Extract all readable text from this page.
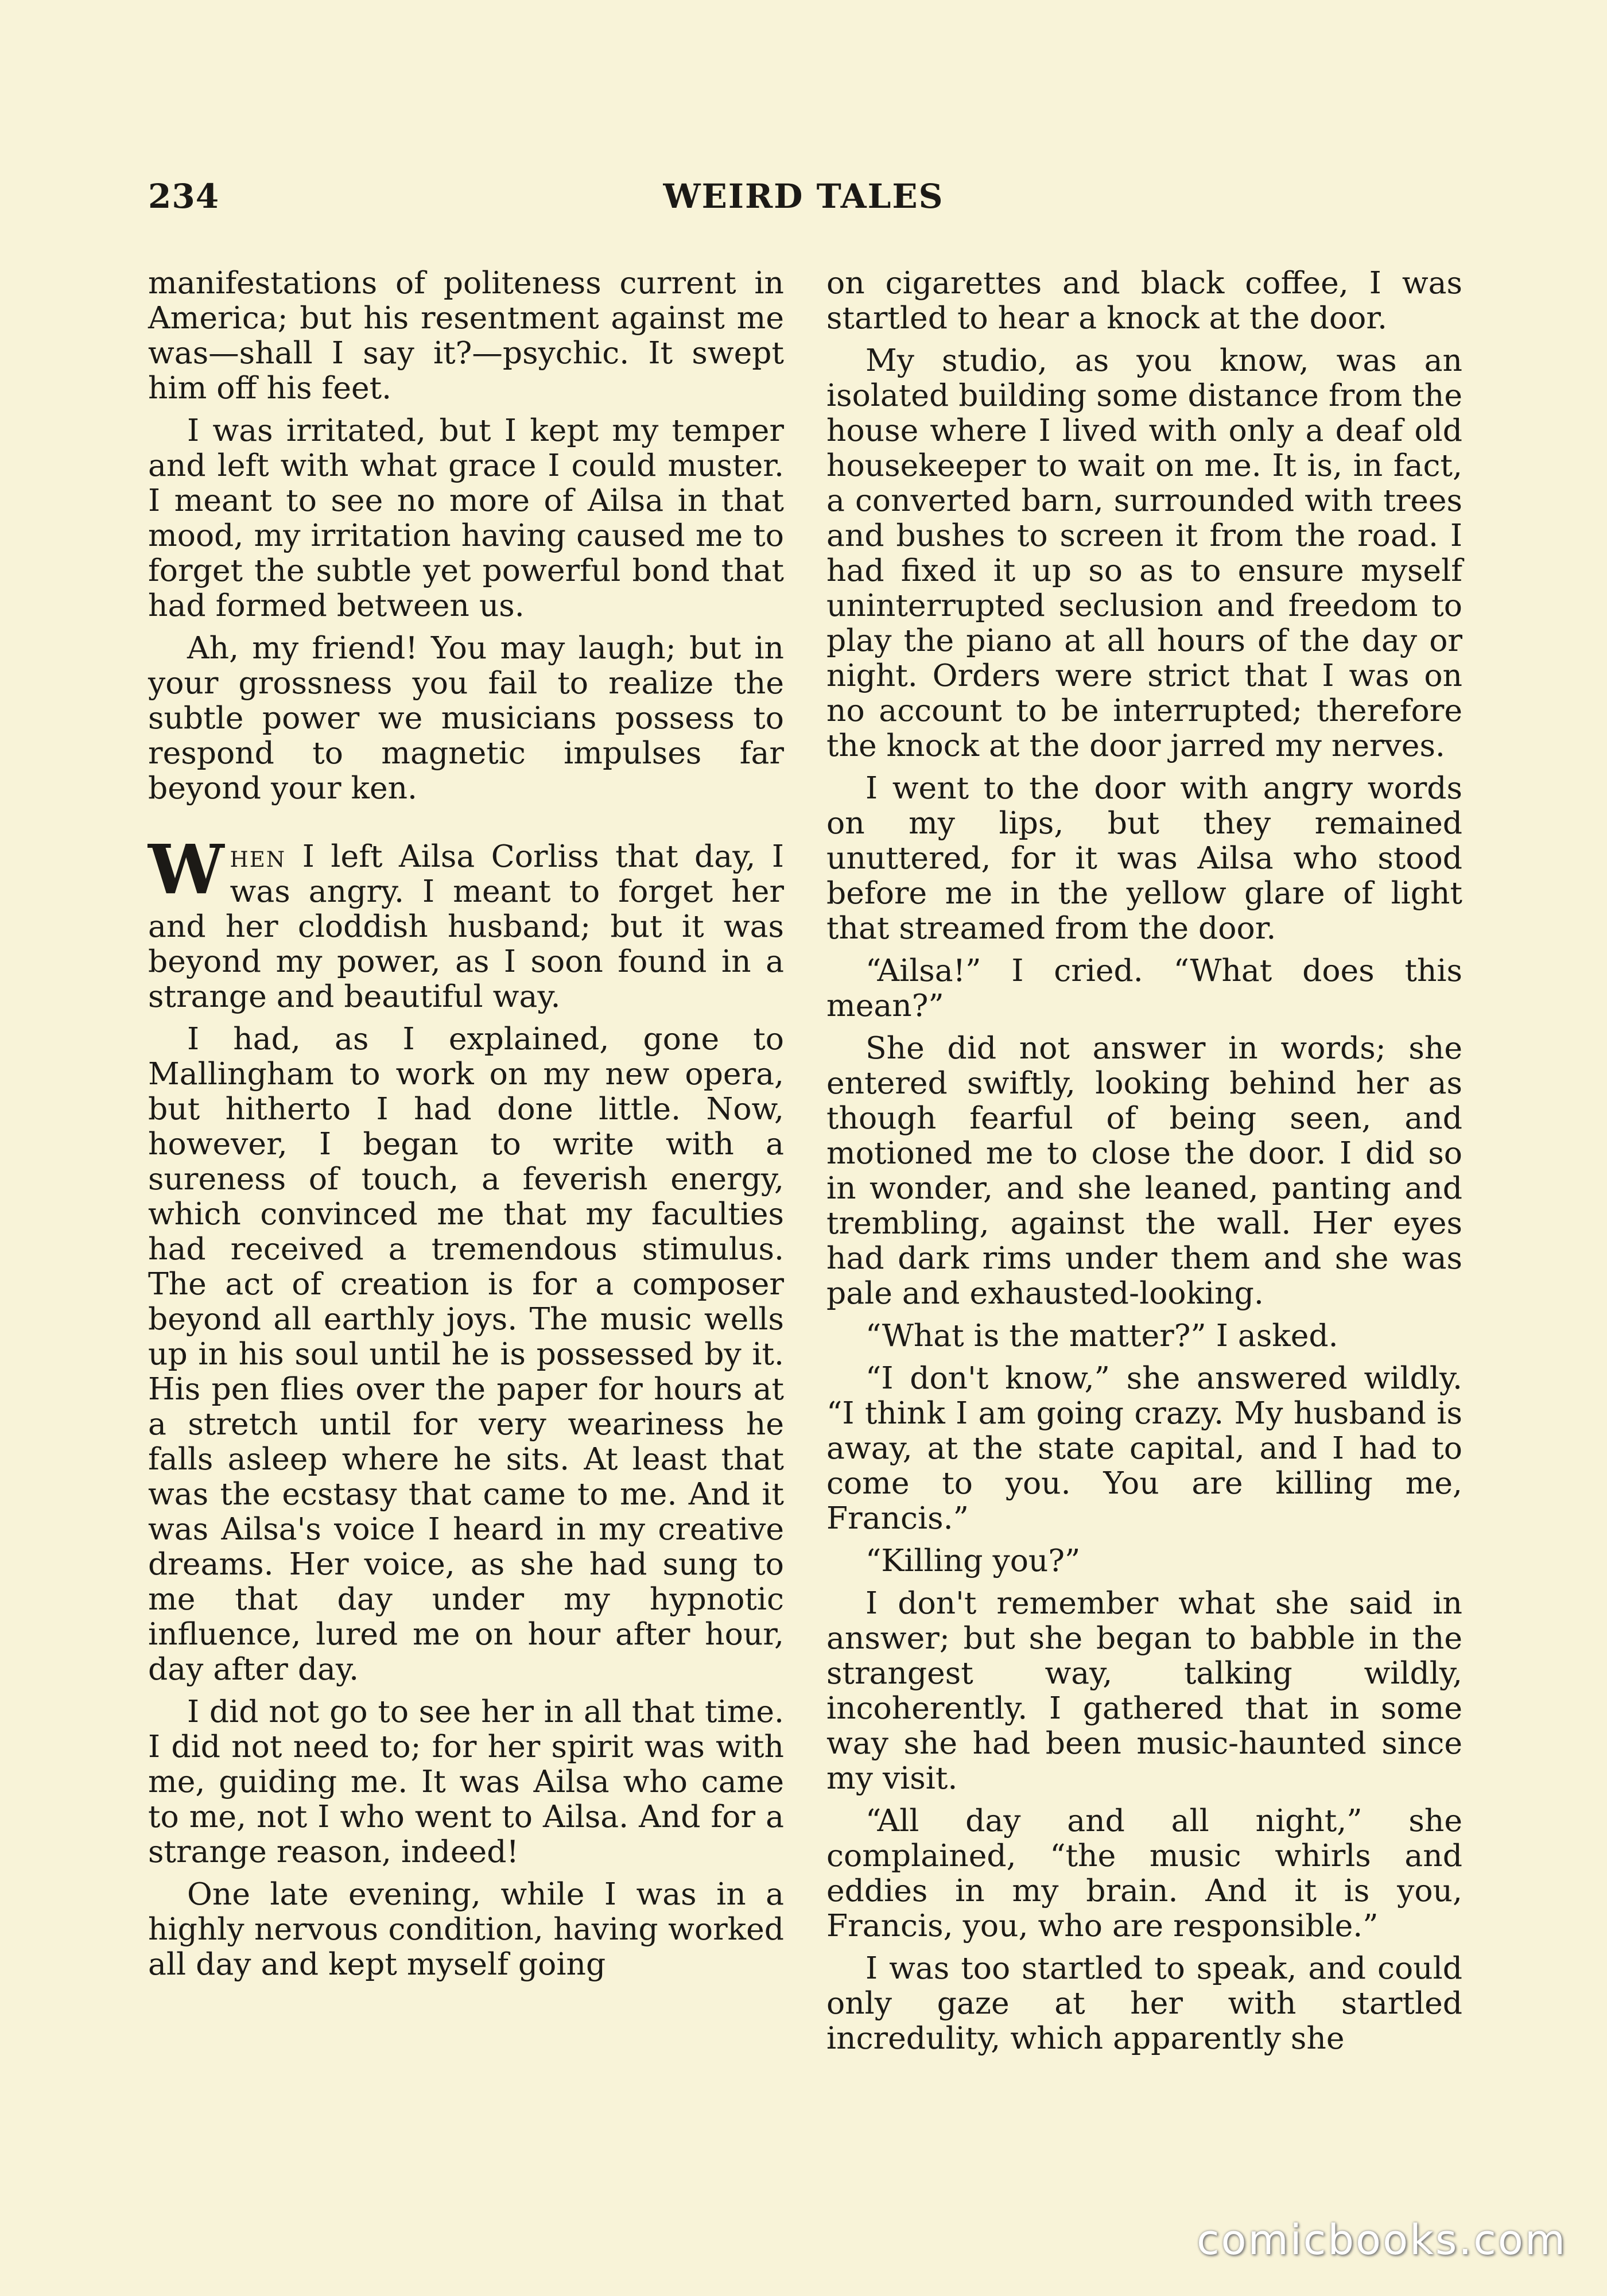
234	WEIRD TALES

manifestations of politeness current in America; but his resentment against me was—shall I say it?—psychic. It swept him off his feet.

I was irritated, but I kept my temper and left with what grace I could muster. I meant to see no more of Ailsa in that mood, my irritation having caused me to forget the subtle yet powerful bond that had formed between us.

Ah, my friend! You may laugh; but in your grossness you fail to realize the subtle power we musicians possess to respond to magnetic impulses far beyond your ken.

When I left Ailsa Corliss that day, I was angry. I meant to forget her and her cloddish husband; but it was beyond my power, as I soon found in a strange and beautiful way.

I had, as I explained, gone to Mallingham to work on my new opera, but hitherto I had done little. Now, however, I began to write with a sureness of touch, a feverish energy, which convinced me that my faculties had received a tremendous stimulus. The act of creation is for a composer beyond all earthly joys. The music wells up in his soul until he is possessed by it. His pen flies over the paper for hours at a stretch until for very weariness he falls asleep where he sits. At least that was the ecstasy that came to me. And it was Ailsa's voice I heard in my creative dreams. Her voice, as she had sung to me that day under my hypnotic influence, lured me on hour after hour, day after day.

I did not go to see her in all that time. I did not need to; for her spirit was with me, guiding me. It was Ailsa who came to me, not I who went to Ailsa. And for a strange reason, indeed!

One late evening, while I was in a highly nervous condition, having worked all day and kept myself going

on cigarettes and black coffee, I was startled to hear a knock at the door.

My studio, as you know, was an isolated building some distance from the house where I lived with only a deaf old housekeeper to wait on me. It is, in fact, a converted barn, surrounded with trees and bushes to screen it from the road. I had fixed it up so as to ensure myself uninterrupted seclusion and freedom to play the piano at all hours of the day or night. Orders were strict that I was on no account to be interrupted; therefore the knock at the door jarred my nerves.

I went to the door with angry words on my lips, but they remained unuttered, for it was Ailsa who stood before me in the yellow glare of light that streamed from the door.

“Ailsa!” I cried. “What does this mean?”

She did not answer in words; she entered swiftly, looking behind her as though fearful of being seen, and motioned me to close the door. I did so in wonder, and she leaned, panting and trembling, against the wall. Her eyes had dark rims under them and she was pale and exhausted-looking.

“What is the matter?” I asked.

“I don't know,” she answered wildly. “I think I am going crazy. My husband is away, at the state capital, and I had to come to you. You are killing me, Francis.”

“Killing you?”

I don't remember what she said in answer; but she began to babble in the strangest way, talking wildly, incoherently. I gathered that in some way she had been music-haunted since my visit.

“All day and all night,” she complained, “the music whirls and eddies in my brain. And it is you, Francis, you, who are responsible.”

I was too startled to speak, and could only gaze at her with startled incredulity, which apparently she

comicbooks.com
